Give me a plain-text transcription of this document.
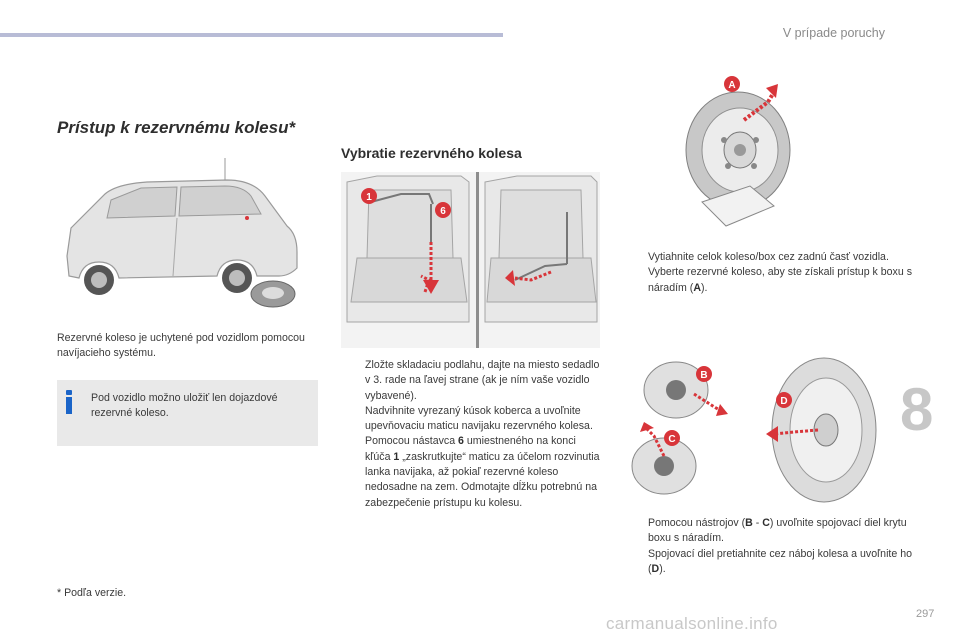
V prípade poruchy
Prístup k rezervnému kolesu*
Vybratie rezervného kolesa
Rezervné koleso je uchytené pod vozidlom pomocou navíjacieho systému.
Pod vozidlo možno uložiť len dojazdové rezervné koleso.
1
6
Zložte skladaciu podlahu, dajte na miesto sedadlo v 3. rade na ľavej strane (ak je ním vaše vozidlo vybavené).
Nadvihnite vyrezaný kúsok koberca a uvoľnite upevňovaciu maticu navijaku rezervného kolesa.
Pomocou nástavca 6 umiestneného na konci kľúča 1 „zaskrutkujte“ maticu za účelom rozvinutia lanka navijaka, až pokiaľ rezervné koleso nedosadne na zem. Odmotajte dĺžku potrebnú na zabezpečenie prístupu ku kolesu.
A
Vytiahnite celok koleso/box cez zadnú časť vozidla.
Vyberte rezervné koleso, aby ste získali prístup k boxu s náradím (A).
B
C
D
Pomocou nástrojov (B - C) uvoľnite spojovací diel krytu boxu s náradím.
Spojovací diel pretiahnite cez náboj kolesa a uvoľnite ho (D).
* Podľa verzie.
8
297
carmanualsonline.info
